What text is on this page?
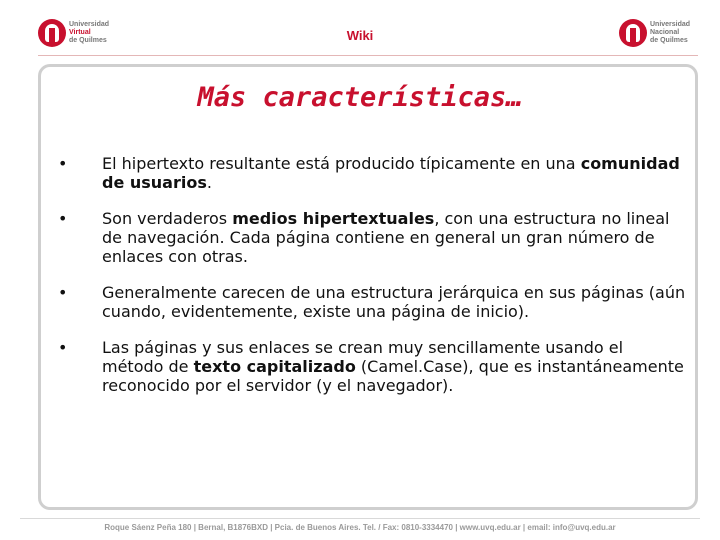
Universidad
Virtual
de Quilmes	Wiki
Universidad
Nacional
de Quilmes
Más características…
• El hipertexto resultante está producido típicamente en una comunidad de usuarios.
• Son verdaderos medios hipertextuales, con una estructura no lineal de navegación. Cada página contiene en general un gran número de enlaces con otras.
• Generalmente carecen de una estructura jerárquica en sus páginas (aún cuando, evidentemente, existe una página de inicio).
• Las páginas y sus enlaces se crean muy sencillamente usando el método de texto capitalizado (Camel.Case), que es instantáneamente reconocido por el servidor (y el navegador).
Roque Sáenz Peña 180 | Bernal, B1876BXD | Pcia. de Buenos Aires. Tel. / Fax: 0810-3334470 | www.uvq.edu.ar | email: info@uvq.edu.ar
